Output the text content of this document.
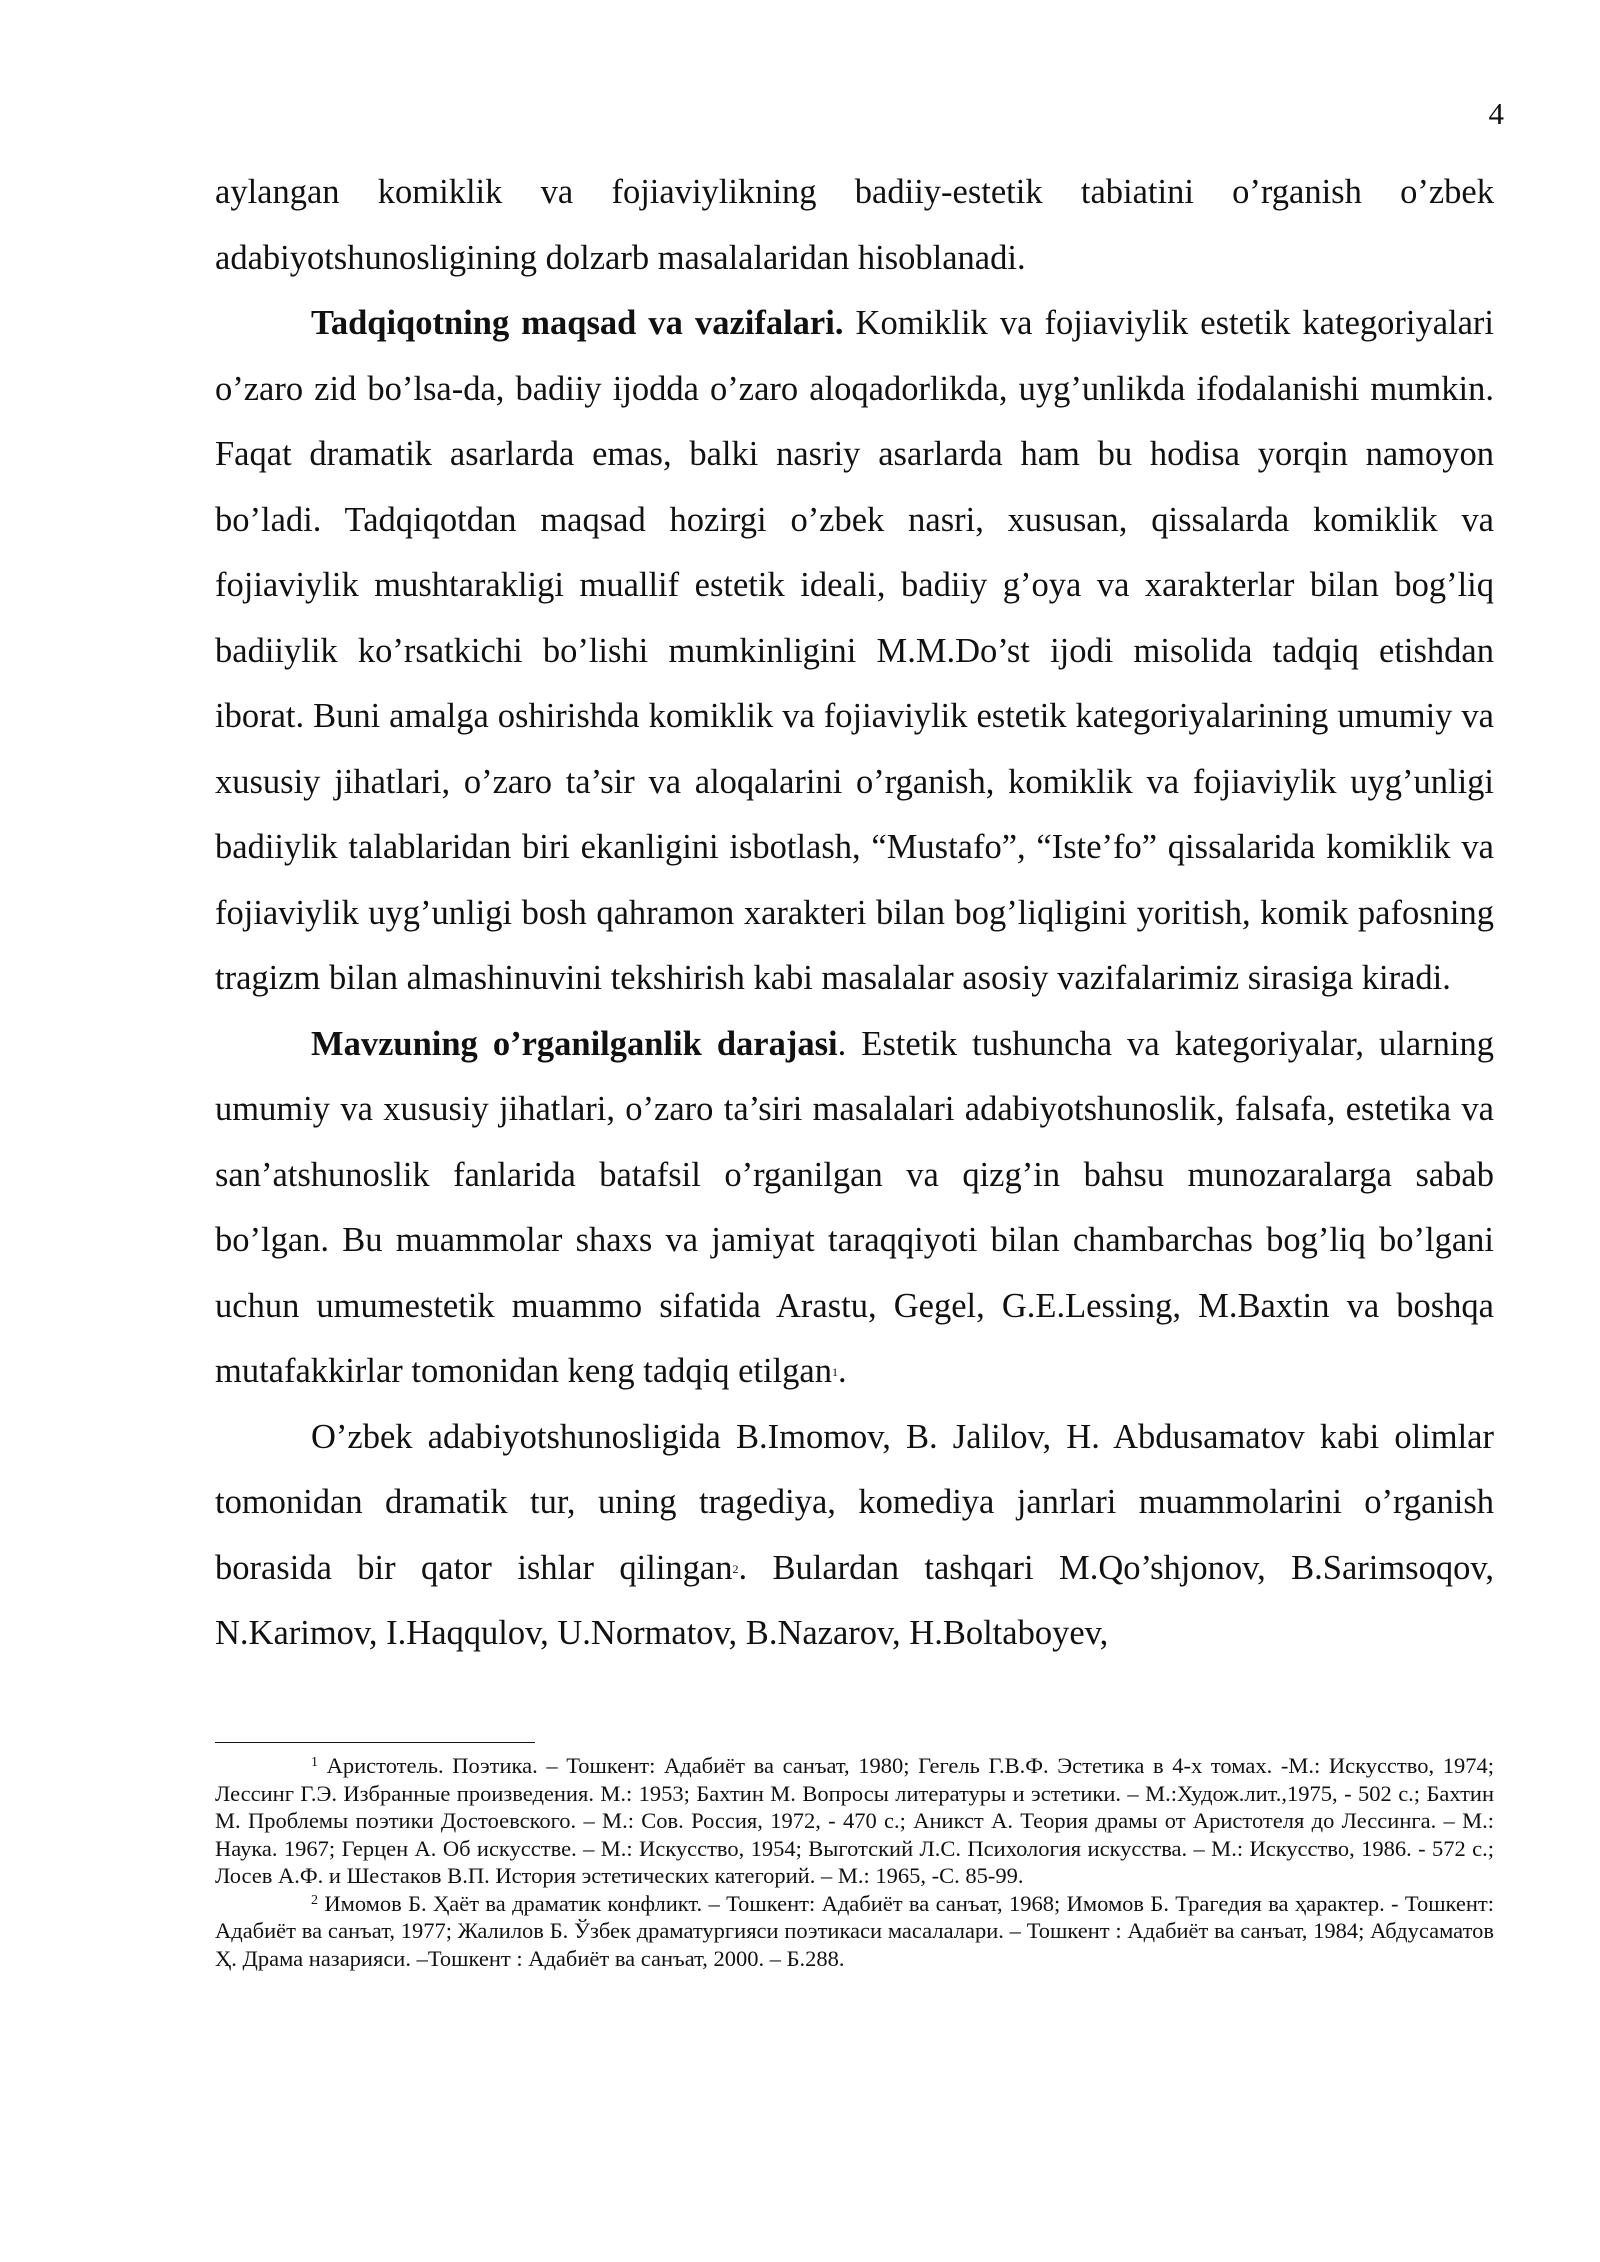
4

aylangan komiklik va fojiaviylikning badiiy-estetik tabiatini o’rganish o’zbek adabiyotshunosligining dolzarb masalalaridan hisoblanadi.

Tadqiqotning maqsad va vazifalari. Komiklik va fojiaviylik estetik kategoriyalari o’zaro zid bo’lsa-da, badiiy ijodda o’zaro aloqadorlikda, uyg’unlikda ifodalanishi mumkin. Faqat dramatik asarlarda emas, balki nasriy asarlarda ham bu hodisa yorqin namoyon bo’ladi. Tadqiqotdan maqsad hozirgi o’zbek nasri, xususan, qissalarda komiklik va fojiaviylik mushtarakligi muallif estetik ideali, badiiy g’oya va xarakterlar bilan bog’liq badiiylik ko’rsatkichi bo’lishi mumkinligini M.M.Do’st ijodi misolida tadqiq etishdan iborat. Buni amalga oshirishda komiklik va fojiaviylik estetik kategoriyalarining umumiy va xususiy jihatlari, o’zaro ta’sir va aloqalarini o’rganish, komiklik va fojiaviylik uyg’unligi badiiylik talablaridan biri ekanligini isbotlash, “Mustafo”, “Iste’fo” qissalarida komiklik va fojiaviylik uyg’unligi bosh qahramon xarakteri bilan bog’liqligini yoritish, komik pafosning tragizm bilan almashinuvini tekshirish kabi masalalar asosiy vazifalarimiz sirasiga kiradi.

Mavzuning o’rganilganlik darajasi. Estetik tushuncha va kategoriyalar, ularning umumiy va xususiy jihatlari, o’zaro ta’siri masalalari adabiyotshunoslik, falsafa, estetika va san’atshunoslik fanlarida batafsil o’rganilgan va qizg’in bahsu munozaralarga sabab bo’lgan. Bu muammolar shaxs va jamiyat taraqqiyoti bilan chambarchas bog’liq bo’lgani uchun umumestetik muammo sifatida Arastu, Gegel, G.E.Lessing, M.Baxtin va boshqa mutafakkirlar tomonidan keng tadqiq etilgan$^1$.

O’zbek adabiyotshunosligida B.Imomov, B. Jalilov, H. Abdusamatov kabi olimlar tomonidan dramatik tur, uning tragediya, komediya janrlari muammolarini o’rganish borasida bir qator ishlar qilingan$^2$. Bulardan tashqari M.Qo’shjonov, B.Sarimsoqov, N.Karimov, I.Haqqulov, U.Normatov, B.Nazarov, H.Boltaboyev,

$^1$ Аристотель. Поэтика. – Тошкент: Адабиёт ва санъат, 1980; Гегель Г.В.Ф. Эстетика в 4-х томах. -М.: Искусство, 1974; Лессинг Г.Э. Избранные произведения. М.: 1953; Бахтин М. Вопросы литературы и эстетики. – М.:Худож.лит.,1975, - 502 с.; Бахтин М. Проблемы поэтики Достоевского. – М.: Сов. Россия, 1972, - 470 с.; Аникст А. Теория драмы от Аристотеля до Лессинга. – М.: Наука. 1967; Герцен А. Об искусстве. – М.: Искусство, 1954; Выготский Л.С. Психология искусства. – М.: Искусство, 1986. - 572 с.; Лосев А.Ф. и Шестаков В.П. История эстетических категорий. – М.: 1965, -С. 85-99.

$^2$ Имомов Б. Ҳаёт ва драматик конфликт. – Тошкент: Адабиёт ва санъат, 1968; Имомов Б. Трагедия ва ҳарактер. - Тошкент: Адабиёт ва санъат, 1977; Жалилов Б. Ўзбек драматургияси поэтикаси масалалари. – Тошкент : Адабиёт ва санъат, 1984; Абдусаматов Ҳ. Драма назарияси. –Тошкент : Адабиёт ва санъат, 2000. – Б.288.
